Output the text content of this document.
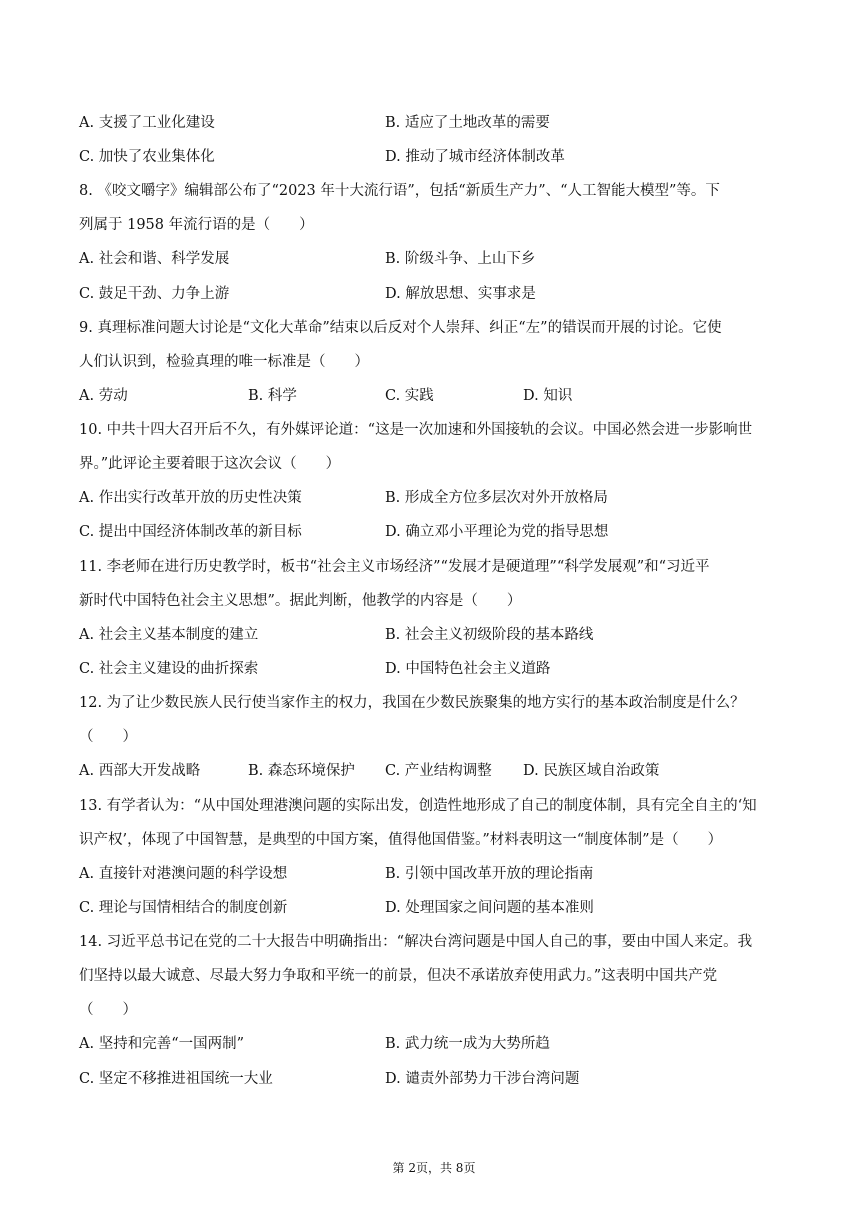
A. 支援了工业化建设	B. 适应了土地改革的需要
C. 加快了农业集体化	D. 推动了城市经济体制改革
8. 《咬文嚼字》编辑部公布了“2023 年十大流行语”，包括“新质生产力”、“人工智能大模型”等。下
列属于 1958 年流行语的是（　　）
A. 社会和谐、科学发展	B. 阶级斗争、上山下乡
C. 鼓足干劲、力争上游	D. 解放思想、实事求是
9. 真理标准问题大讨论是“文化大革命”结束以后反对个人崇拜、纠正“左”的错误而开展的讨论。它使
人们认识到，检验真理的唯一标准是（　　）
A. 劳动	B. 科学	C. 实践	D. 知识
10. 中共十四大召开后不久，有外媒评论道：“这是一次加速和外国接轨的会议。中国必然会进一步影响世
界。”此评论主要着眼于这次会议（　　）
A. 作出实行改革开放的历史性决策	B. 形成全方位多层次对外开放格局
C. 提出中国经济体制改革的新目标	D. 确立邓小平理论为党的指导思想
11. 李老师在进行历史教学时，板书“社会主义市场经济”“发展才是硬道理”“科学发展观”和“习近平
新时代中国特色社会主义思想”。据此判断，他教学的内容是（　　）
A. 社会主义基本制度的建立	B. 社会主义初级阶段的基本路线
C. 社会主义建设的曲折探索	D. 中国特色社会主义道路
12. 为了让少数民族人民行使当家作主的权力，我国在少数民族聚集的地方实行的基本政治制度是什么？
（　　）
A. 西部大开发战略	B. 森态环境保护 C. 产业结构调整 D. 民族区域自治政策
13. 有学者认为：“从中国处理港澳问题的实际出发，创造性地形成了自己的制度体制，具有完全自主的‘知
识产权’，体现了中国智慧，是典型的中国方案，值得他国借鉴。”材料表明这一“制度体制”是（　　）
A. 直接针对港澳问题的科学设想	B. 引领中国改革开放的理论指南
C. 理论与国情相结合的制度创新	D. 处理国家之间问题的基本准则
14. 习近平总书记在党的二十大报告中明确指出：“解决台湾问题是中国人自己的事，要由中国人来定。我
们坚持以最大诚意、尽最大努力争取和平统一的前景，但决不承诺放弃使用武力。”这表明中国共产党
（　　）
A. 坚持和完善“一国两制”	B. 武力统一成为大势所趋
C. 坚定不移推进祖国统一大业	D. 谴责外部势力干涉台湾问题
第 2页，共 8页
